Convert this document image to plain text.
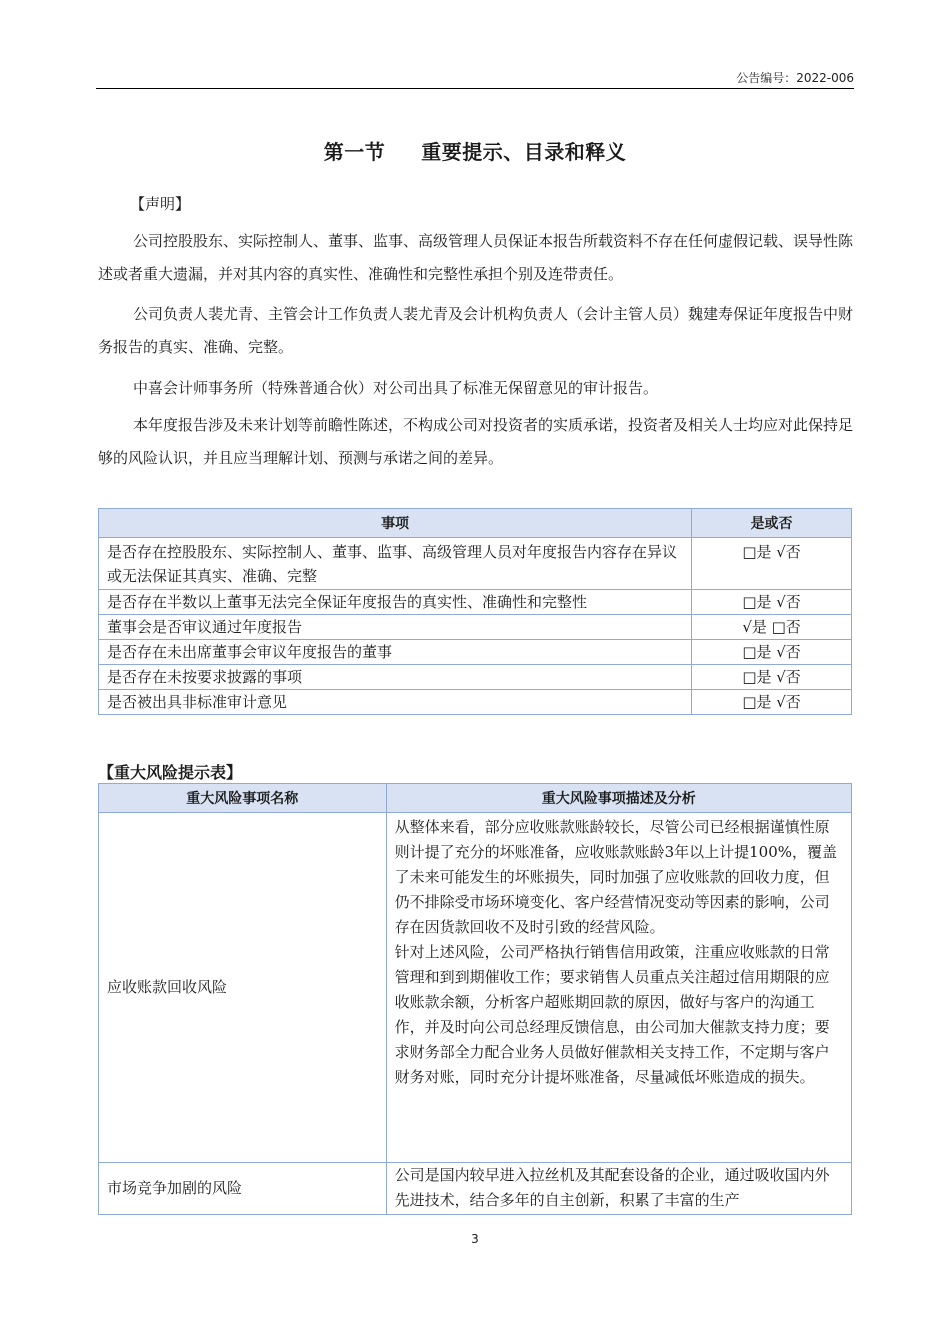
公告编号：2022-006
第一节 重要提示、目录和释义
【声明】

公司控股股东、实际控制人、董事、监事、高级管理人员保证本报告所载资料不存在任何虚假记载、误导性陈述或者重大遗漏，并对其内容的真实性、准确性和完整性承担个别及连带责任。

公司负责人裴尤青、主管会计工作负责人裴尤青及会计机构负责人（会计主管人员）魏建寿保证年度报告中财务报告的真实、准确、完整。

中喜会计师事务所（特殊普通合伙）对公司出具了标准无保留意见的审计报告。

本年度报告涉及未来计划等前瞻性陈述，不构成公司对投资者的实质承诺，投资者及相关人士均应对此保持足够的风险认识，并且应当理解计划、预测与承诺之间的差异。

事项	是或否
是否存在控股股东、实际控制人、董事、监事、高级管理人员对年度报告内容存在异议或无法保证其真实、准确、完整	□是 √否
是否存在半数以上董事无法完全保证年度报告的真实性、准确性和完整性	□是 √否
董事会是否审议通过年度报告	√是 □否
是否存在未出席董事会审议年度报告的董事	□是 √否
是否存在未按要求披露的事项	□是 √否
是否被出具非标准审计意见	□是 √否
【重大风险提示表】
重大风险事项名称	重大风险事项描述及分析
应收账款回收风险	从整体来看，部分应收账款账龄较长，尽管公司已经根据谨慎性原则计提了充分的坏账准备，应收账款账龄3年以上计提100%，覆盖了未来可能发生的坏账损失，同时加强了应收账款的回收力度，但仍不排除受市场环境变化、客户经营情况变动等因素的影响，公司存在因货款回收不及时引致的经营风险。

针对上述风险，公司严格执行销售信用政策，注重应收账款的日常管理和到到期催收工作；要求销售人员重点关注超过信用期限的应收账款余额，分析客户超账期回款的原因，做好与客户的沟通工作，并及时向公司总经理反馈信息，由公司加大催款支持力度；要求财务部全力配合业务人员做好催款相关支持工作，不定期与客户财务对账，同时充分计提坏账准备，尽量减低坏账造成的损失。

市场竞争加剧的风险	公司是国内较早进入拉丝机及其配套设备的企业，通过吸收国内外先进技术，结合多年的自主创新，积累了丰富的生产

3
